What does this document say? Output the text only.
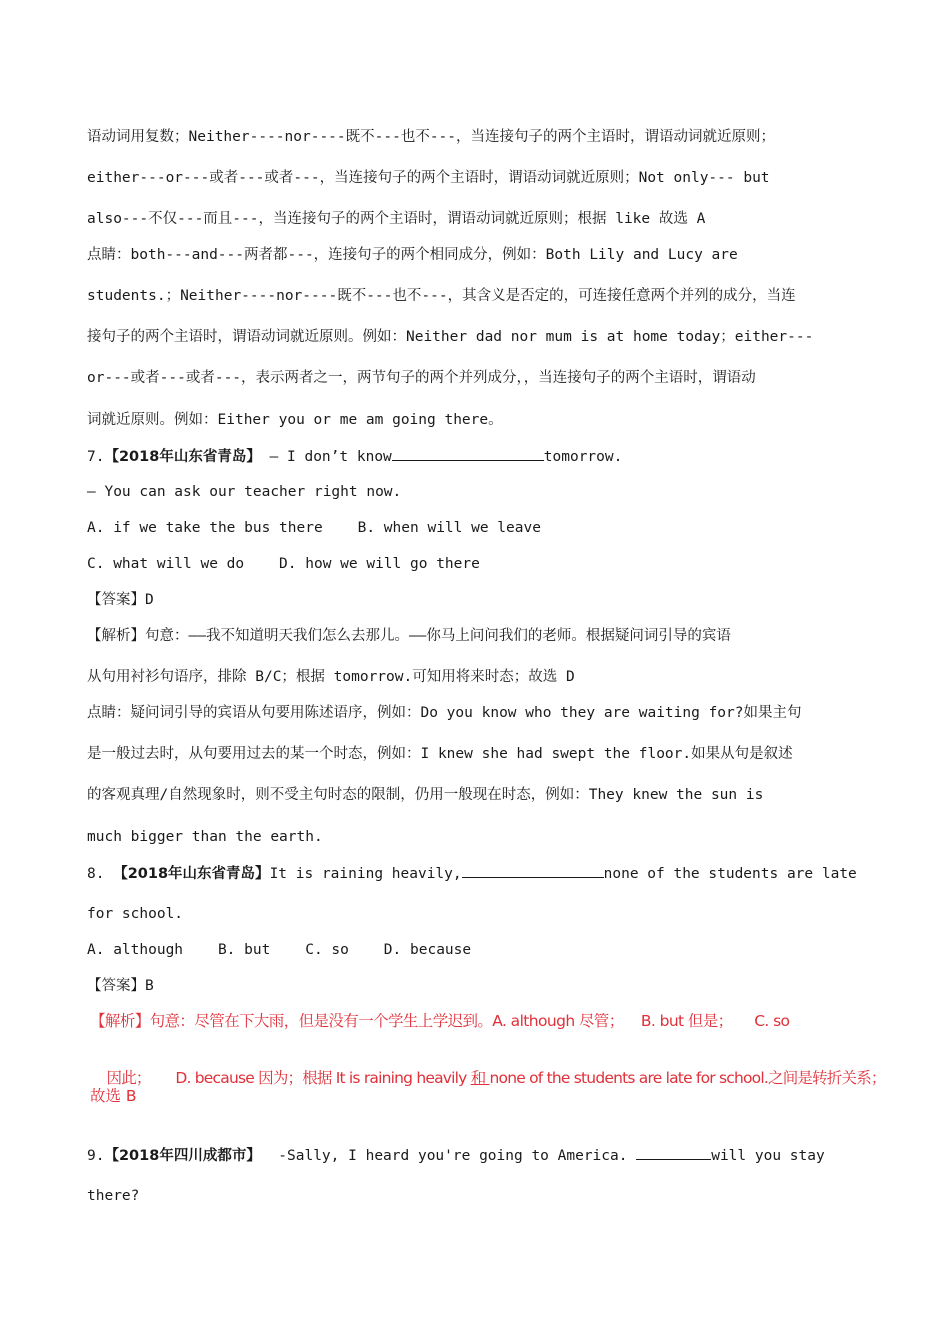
语动词用复数；Neither----nor----既不---也不---，当连接句子的两个主语时，谓语动词就近原则；
either---or---或者---或者---，当连接句子的两个主语时，谓语动词就近原则；Not only--- but
also---不仅---而且---，当连接句子的两个主语时，谓语动词就近原则；根据 like 故选 A
点睛：both---and---两者都---，连接句子的两个相同成分，例如：Both Lily and Lucy are
students.；Neither----nor----既不---也不---，其含义是否定的，可连接任意两个并列的成分，当连
接句子的两个主语时，谓语动词就近原则。例如：Neither dad nor mum is at home today；either---
or---或者---或者---，表示两者之一，两节句子的两个并列成分，，当连接句子的两个主语时，谓语动
词就近原则。例如：Either you or me am going there。
7.【2018年山东省青岛】 — I don’t know	tomorrow.
— You can ask our teacher right now.
A. if we take the bus there    B. when will we leave
C. what will we do    D. how we will go there
【答案】D
【解析】句意：——我不知道明天我们怎么去那儿。——你马上问问我们的老师。根据疑问词引导的宾语
从句用衬衫句语序，排除 B/C；根据 tomorrow.可知用将来时态；故选 D
点睛：疑问词引导的宾语从句要用陈述语序，例如：Do you know who they are waiting for?如果主句
是一般过去时，从句要用过去的某一个时态，例如：I knew she had swept the floor.如果从句是叙述
的客观真理/自然现象时，则不受主句时态的限制，仍用一般现在时态，例如：They knew the sun is
much bigger than the earth.
8. 【2018年山东省青岛】It is raining heavily,	none of the students are late
for school.
A. although    B. but    C. so    D. because
【答案】B
【解析】句意：尽管在下大雨，但是没有一个学生上学迟到。A. although 尽管；    B. but 但是；     C. so

因此；      D. because 因为；根据 It is raining heavily 和 none of the students are late for school.之间是转折关系；

故选 B
9.【2018年四川成都市】  -Sally, I heard you're going to America.	will you stay
there?
